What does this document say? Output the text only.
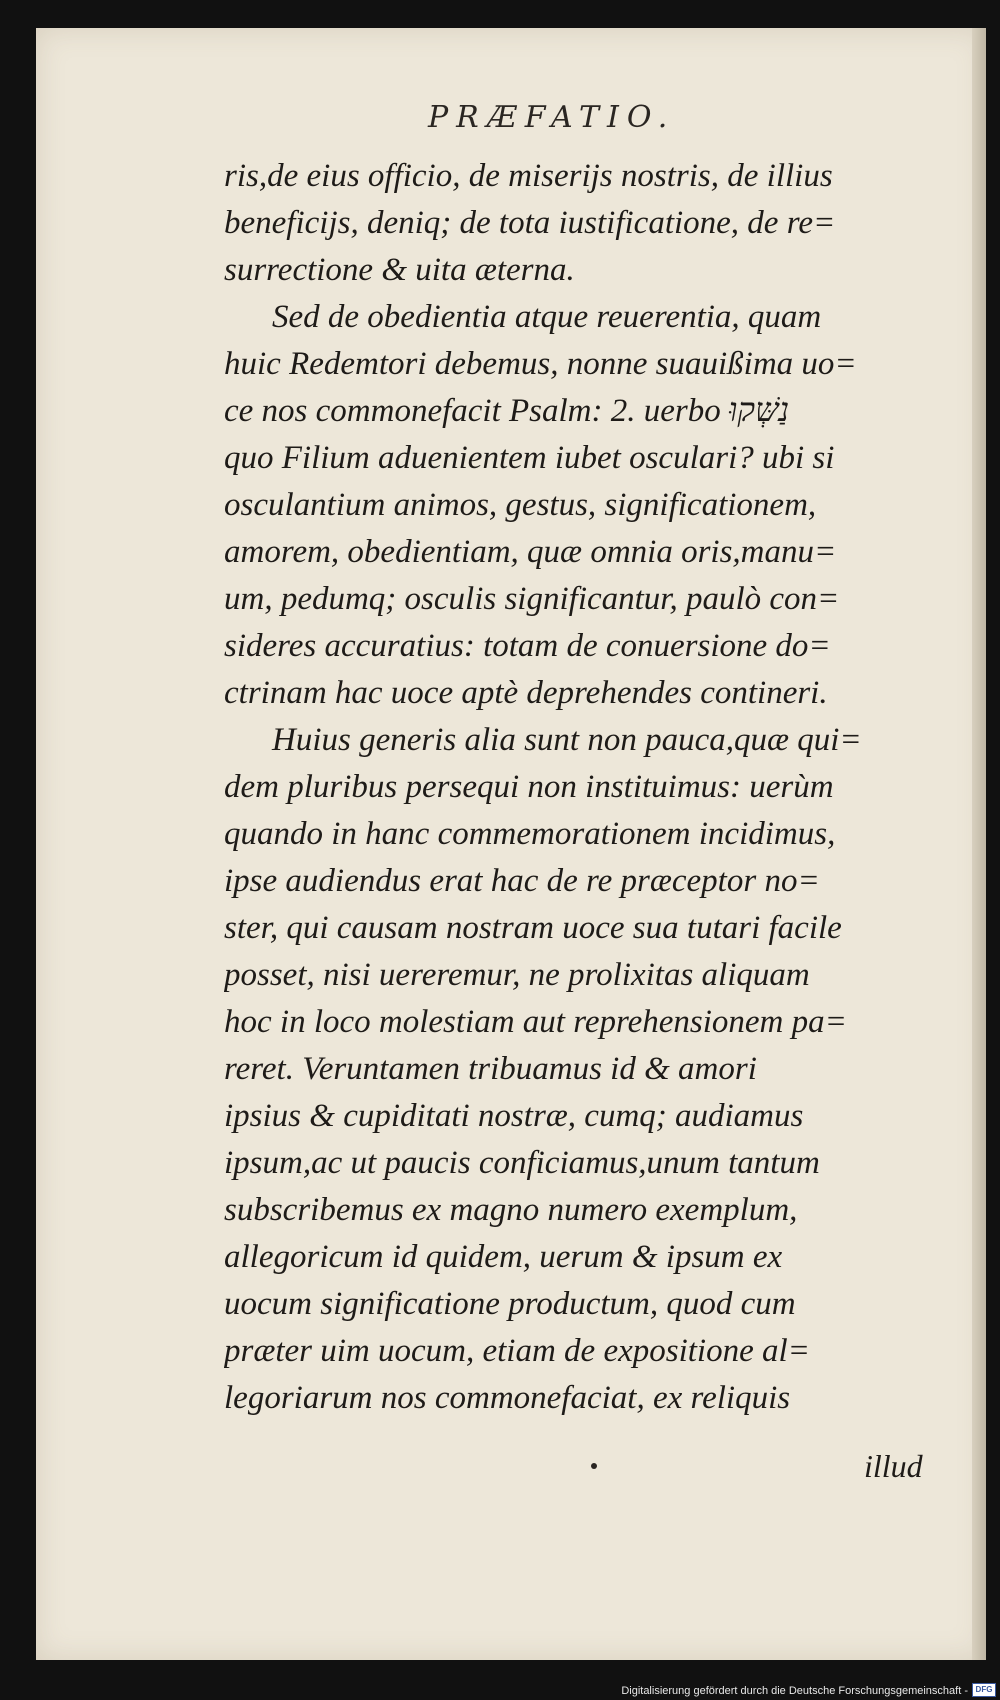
PRÆFATIO.
ris,de eius officio, de miserijs nostris, de illius
beneficijs, deniq; de tota iustificatione, de re=
surrectione & uita æterna.
Sed de obedientia atque reuerentia, quam
huic Redemtori debemus, nonne suauißima uo=
ce nos commonefacit Psalm: 2. uerbo נַשְּׁקוּ
quo Filium aduenientem iubet osculari? ubi si
osculantium animos, gestus, significationem,
amorem, obedientiam, quæ omnia oris,manu=
um, pedumq; osculis significantur, paulò con=
sideres accuratius: totam de conuersione do=
ctrinam hac uoce aptè deprehendes contineri.
Huius generis alia sunt non pauca,quæ qui=
dem pluribus persequi non instituimus: uerùm
quando in hanc commemorationem incidimus,
ipse audiendus erat hac de re præceptor no=
ster, qui causam nostram uoce sua tutari facile
posset, nisi uereremur, ne prolixitas aliquam
hoc in loco molestiam aut reprehensionem pa=
reret. Veruntamen tribuamus id & amori
ipsius & cupiditati nostræ, cumq; audiamus
ipsum,ac ut paucis conficiamus,unum tantum
subscribemus ex magno numero exemplum,
allegoricum id quidem, uerum & ipsum ex
uocum significatione productum, quod cum
præter uim uocum, etiam de expositione al=
legoriarum nos commonefaciat, ex reliquis
illud
Digitalisierung gefördert durch die Deutsche Forschungsgemeinschaft - DFG
